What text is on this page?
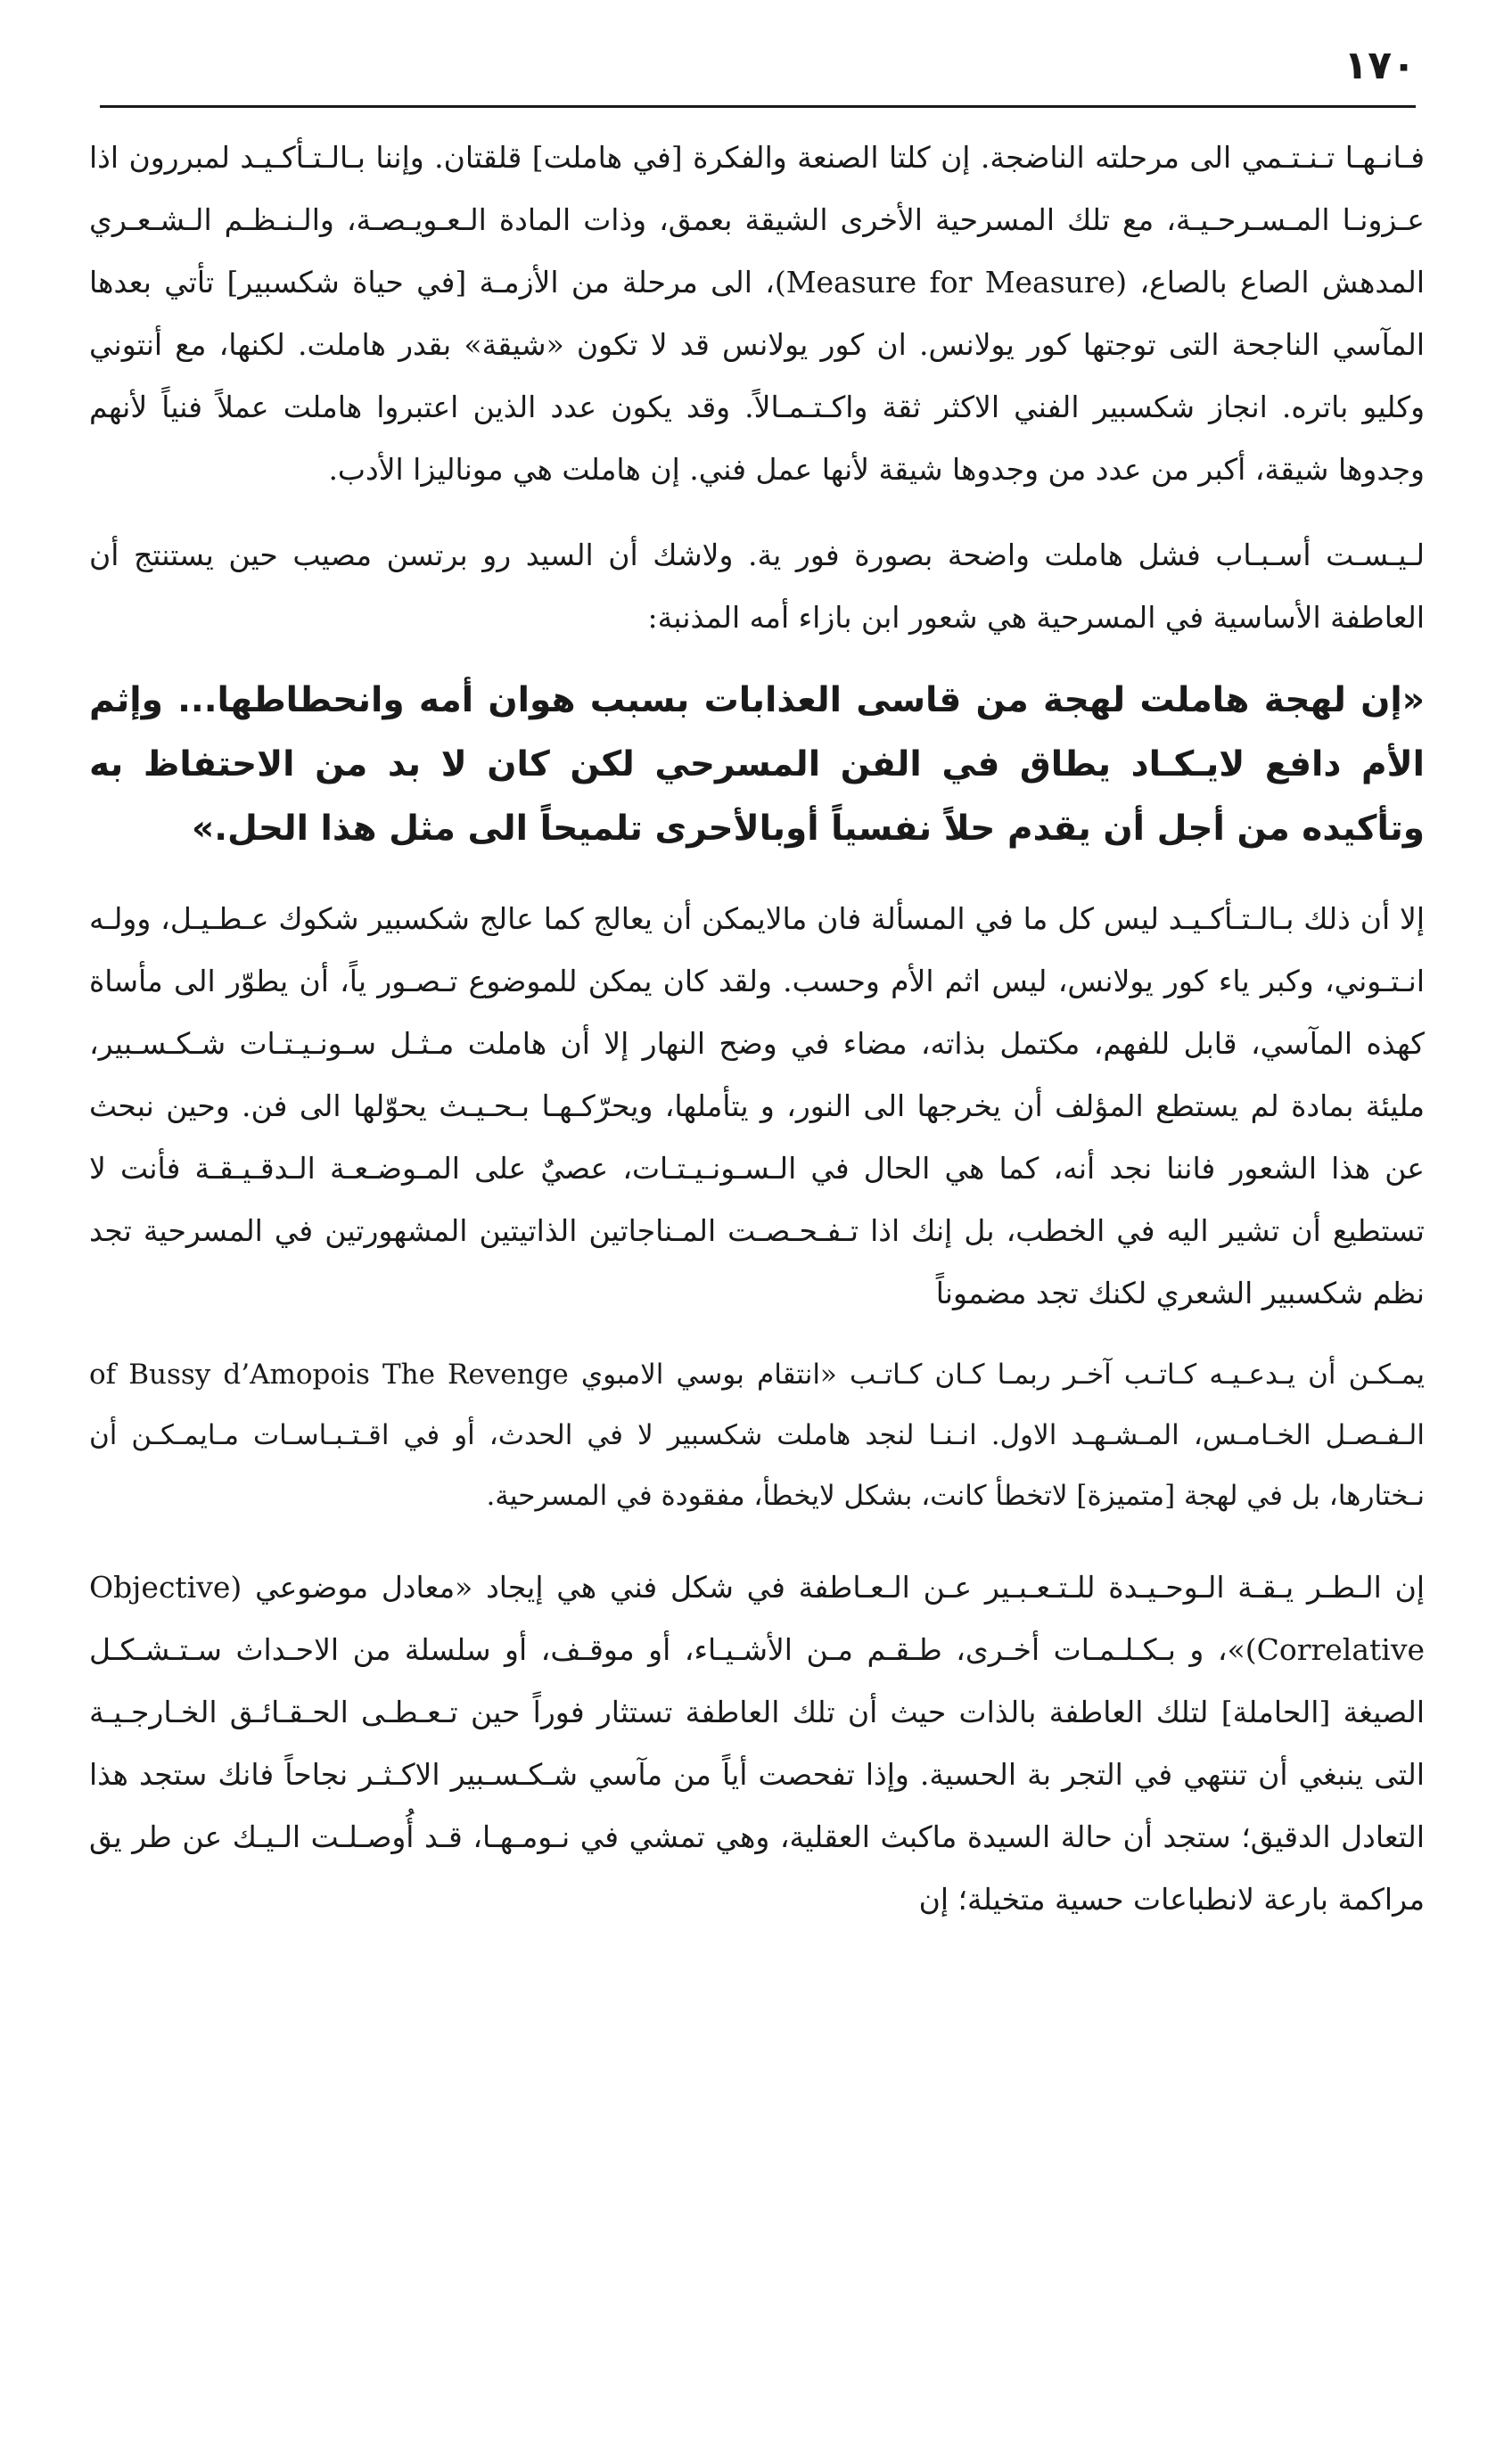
١٧٠

فـانـهـا تـنـتـمي الى مرحلته الناضجة. إن كلتا الصنعة والفكرة [في هاملت] قلقتان. وإننا بـالـتـأكـيـد لمبررون اذا عـزونـا المـسـرحـيـة، مع تلك المسرحية الأخرى الشيقة بعمق، وذات المادة الـعـويـصـة، والـنـظـم الـشـعـري المدهش الصاع بالصاع، (Measure for Measure)، الى مرحلة من الأزمـة [في حياة شكسبير] تأتي بعدها المآسي الناجحة التى توجتها كور يولانس. ان كور يولانس قد لا تكون «شيقة» بقدر هاملت. لكنها، مع أنتوني وكليو باتره. انجاز شكسبير الفني الاكثر ثقة واكـتـمـالاً. وقد يكون عدد الذين اعتبروا هاملت عملاً فنياً لأنهم وجدوها شيقة، أكبر من عدد من وجدوها شيقة لأنها عمل فني. إن هاملت هي موناليزا الأدب.

لـيـسـت أسـبـاب فشل هاملت واضحة بصورة فور ية. ولاشك أن السيد رو برتسن مصيب حين يستنتج أن العاطفة الأساسية في المسرحية هي شعور ابن بازاء أمه المذنبة:

«إن لهجة هاملت لهجة من قاسى العذابات بسبب هوان أمه وانحطاطها... وإثم الأم دافع لايـكـاد يطاق في الفن المسرحي لكن كان لا بد من الاحتفاظ به وتأكيده من أجل أن يقدم حلاً نفسياً أوبالأحرى تلميحاً الى مثل هذا الحل.»

إلا أن ذلك بـالـتـأكـيـد ليس كل ما في المسألة فان مالايمكن أن يعالج كما عالج شكسبير شكوك عـطـيـل، وولـه انـتـوني، وكبر ياء كور يولانس، ليس اثم الأم وحسب. ولقد كان يمكن للموضوع تـصـور ياً، أن يطوّر الى مأساة كهذه المآسي، قابل للفهم، مكتمل بذاته، مضاء في وضح النهار إلا أن هاملت مـثـل سـونـيـتـات شـكـسـبير، مليئة بمادة لم يستطع المؤلف أن يخرجها الى النور، و يتأملها، ويحرّكـهـا بـحـيـث يحوّلها الى فن. وحين نبحث عن هذا الشعور فاننا نجد أنه، كما هي الحال في الـسـونـيـتـات، عصيٌ على المـوضـعـة الـدقـيـقـة فأنت لا تستطيع أن تشير اليه في الخطب، بل إنك اذا تـفـحـصـت المـناجاتين الذاتيتين المشهورتين في المسرحية تجد نظم شكسبير الشعري لكنك تجد مضموناً

يمـكـن أن يـدعـيـه كـاتـب آخـر ربمـا كـان كـاتـب «انتقام بوسي الامبوي of Bussy d’Amopois The Revenge الـفـصـل الخـامـس، المـشـهـد الاول. انـنـا لنجد هاملت شكسبير لا في الحدث، أو في اقـتـبـاسـات مـايمـكـن أن نـختارها، بل في لهجة [متميزة] لاتخطأ كانت، بشكل لايخطأ، مفقودة في المسرحية.

إن الـطـر يـقـة الـوحـيـدة للـتـعـبـير عـن الـعـاطفة في شكل فني هي إيجاد «معادل موضوعي (Objective Correlative)»، و بـكـلـمـات أخـرى، طـقـم مـن الأشـيـاء، أو موقـف، أو سلسلة من الاحـداث سـتـشـكـل الصيغة [الحاملة] لتلك العاطفة بالذات حيث أن تلك العاطفة تستثار فوراً حين تـعـطـى الحـقـائـق الخـارجـيـة التى ينبغي أن تنتهي في التجر بة الحسية. وإذا تفحصت أياً من مآسي شـكـسـبير الاكـثـر نجاحاً فانك ستجد هذا التعادل الدقيق؛ ستجد أن حالة السيدة ماكبث العقلية، وهي تمشي في نـومـهـا، قـد أُوصـلـت الـيـك عن طر يق مراكمة بارعة لانطباعات حسية متخيلة؛ إن
